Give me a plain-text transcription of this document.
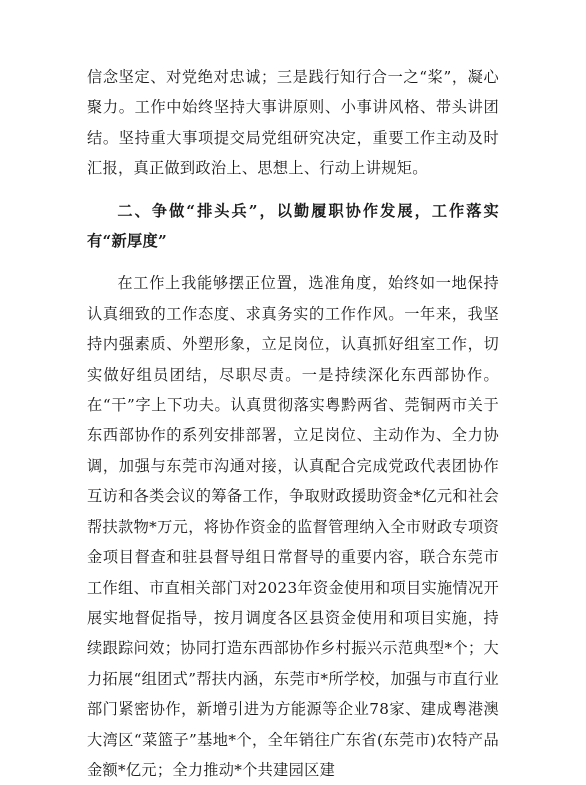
信念坚定、对党绝对忠诚；三是践行知行合一之“桨”，凝心聚力。工作中始终坚持大事讲原则、小事讲风格、带头讲团结。坚持重大事项提交局党组研究决定，重要工作主动及时汇报，真正做到政治上、思想上、行动上讲规矩。

二、争做“排头兵”，以勤履职协作发展，工作落实有“新厚度”

在工作上我能够摆正位置，选准角度，始终如一地保持认真细致的工作态度、求真务实的工作作风。一年来，我坚持内强素质、外塑形象，立足岗位，认真抓好组室工作，切实做好组员团结，尽职尽责。一是持续深化东西部协作。在“干”字上下功夫。认真贯彻落实粤黔两省、莞铜两市关于东西部协作的系列安排部署，立足岗位、主动作为、全力协调，加强与东莞市沟通对接，认真配合完成党政代表团协作互访和各类会议的筹备工作，争取财政援助资金*亿元和社会帮扶款物*万元，将协作资金的监督管理纳入全市财政专项资金项目督查和驻县督导组日常督导的重要内容，联合东莞市工作组、市直相关部门对2023年资金使用和项目实施情况开展实地督促指导，按月调度各区县资金使用和项目实施，持续跟踪问效；协同打造东西部协作乡村振兴示范典型*个；大力拓展“组团式”帮扶内涵，东莞市*所学校，加强与市直行业部门紧密协作，新增引进为方能源等企业78家、建成粤港澳大湾区“菜篮子”基地*个，全年销往广东省(东莞市)农特产品金额*亿元；全力推动*个共建园区建
